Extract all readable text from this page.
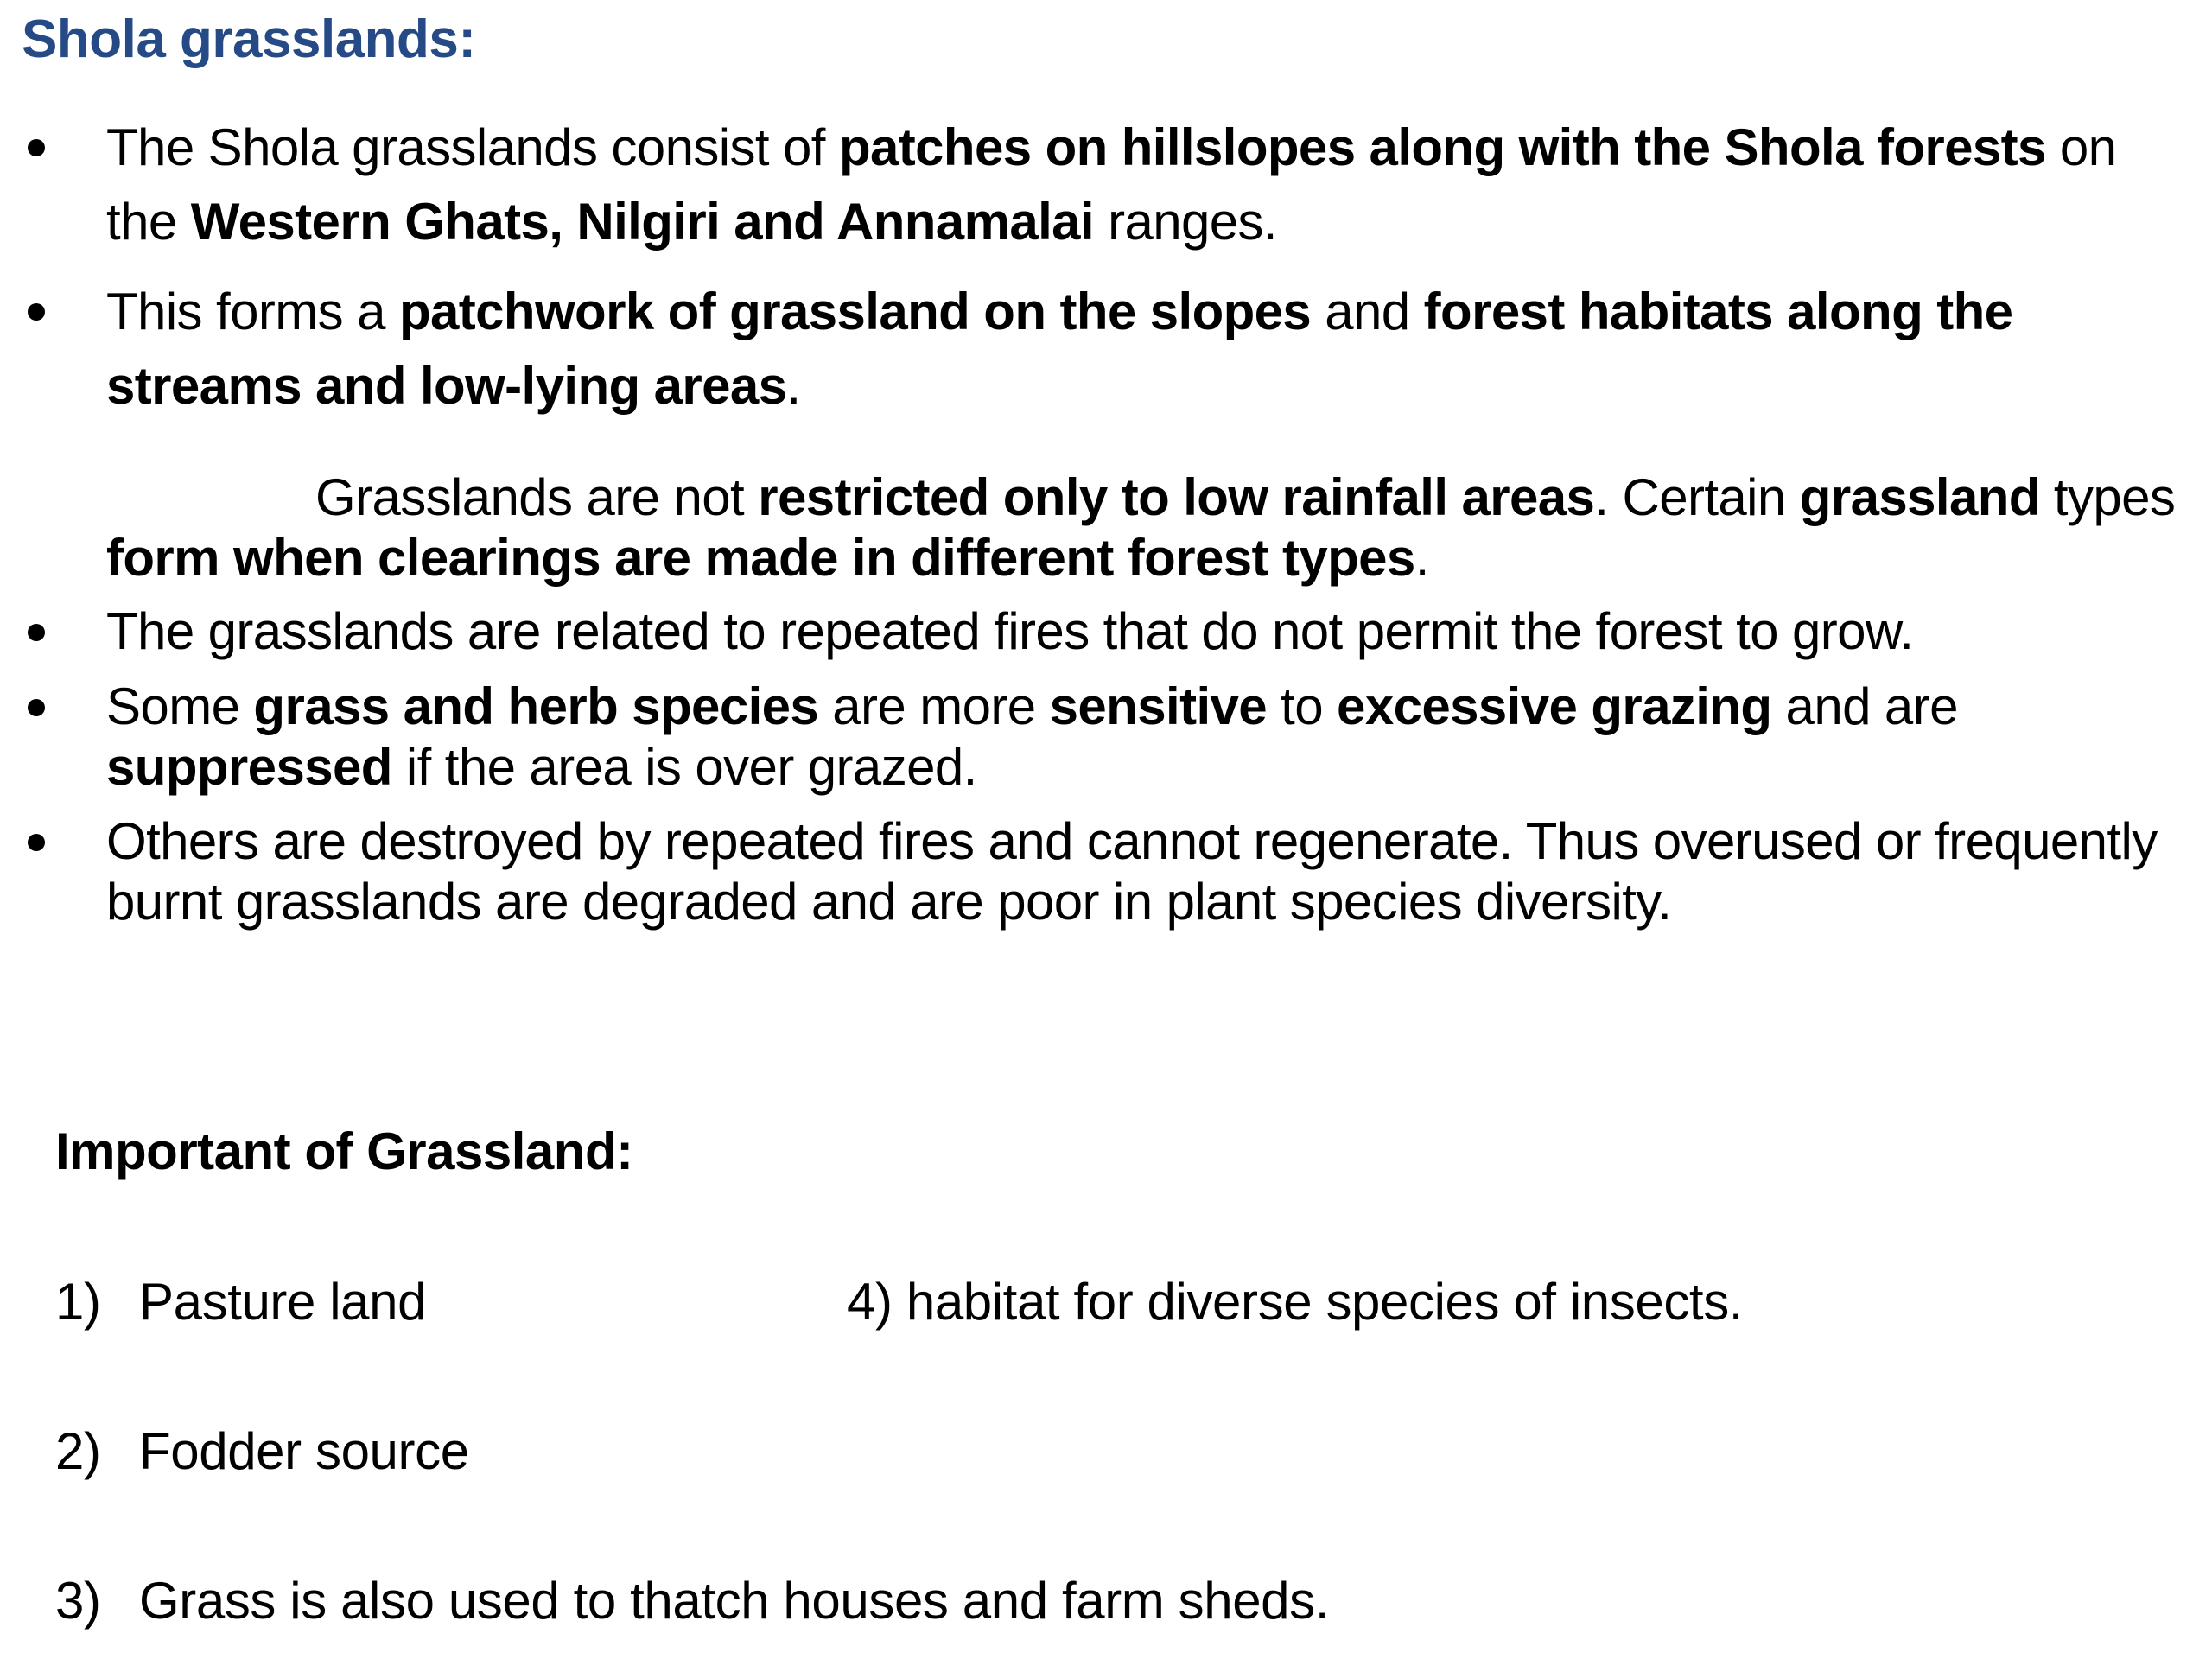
Shola grasslands:
The Shola grasslands consist of patches on hillslopes along with the Shola forests on the Western Ghats, Nilgiri and Annamalai ranges.
This forms a patchwork of grassland on the slopes and forest habitats along the streams and low-lying areas.
Grasslands are not restricted only to low rainfall areas. Certain grassland types form when clearings are made in different forest types.
The grasslands are related to repeated fires that do not permit the forest to grow.
Some grass and herb species are more sensitive to excessive grazing and are suppressed if the area is over grazed.
Others are destroyed by repeated fires and cannot regenerate. Thus overused or frequently burnt grasslands are degraded and are poor in plant species diversity.
Important of Grassland:
1) Pasture land
2) Fodder source
3) Grass is also used to thatch houses and farm sheds.
4) habitat for diverse species of insects.
